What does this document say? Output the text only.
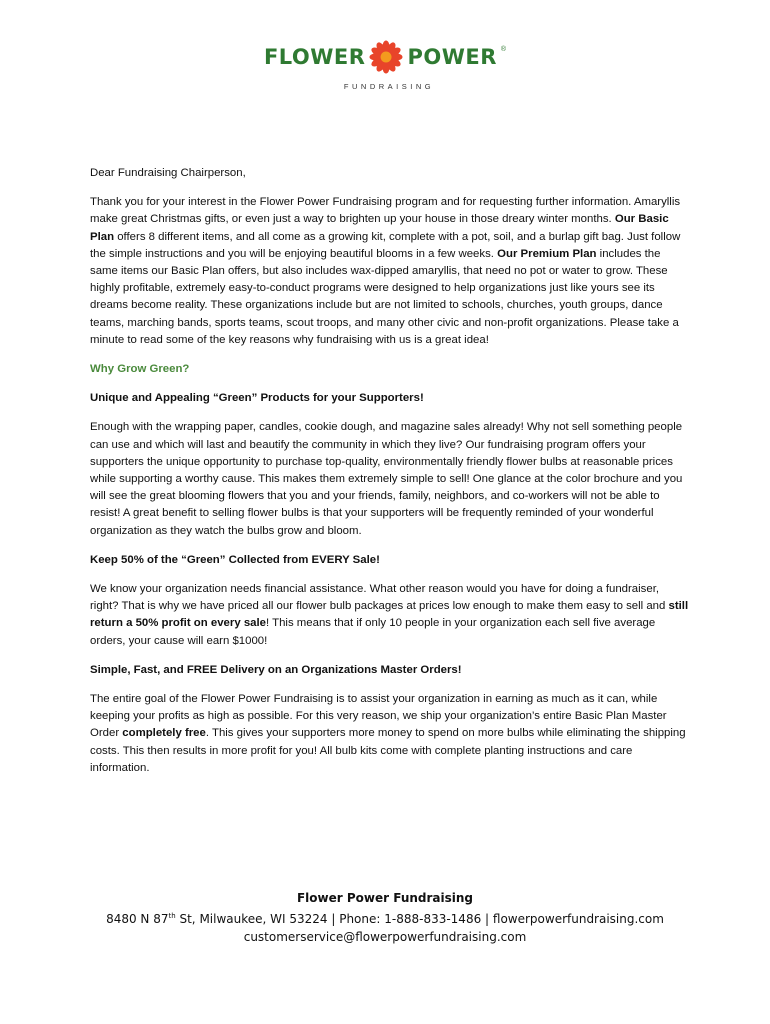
FLOWER POWER ®
FUNDRAISING

Dear Fundraising Chairperson,

Thank you for your interest in the Flower Power Fundraising program and for requesting further information. Amaryllis make great Christmas gifts, or even just a way to brighten up your house in those dreary winter months. Our Basic Plan offers 8 different items, and all come as a growing kit, complete with a pot, soil, and a burlap gift bag. Just follow the simple instructions and you will be enjoying beautiful blooms in a few weeks. Our Premium Plan includes the same items our Basic Plan offers, but also includes wax-dipped amaryllis, that need no pot or water to grow. These highly profitable, extremely easy-to-conduct programs were designed to help organizations just like yours see its dreams become reality. These organizations include but are not limited to schools, churches, youth groups, dance teams, marching bands, sports teams, scout troops, and many other civic and non-profit organizations. Please take a minute to read some of the key reasons why fundraising with us is a great idea!

Why Grow Green?

Unique and Appealing “Green” Products for your Supporters!

Enough with the wrapping paper, candles, cookie dough, and magazine sales already! Why not sell something people can use and which will last and beautify the community in which they live? Our fundraising program offers your supporters the unique opportunity to purchase top-quality, environmentally friendly flower bulbs at reasonable prices while supporting a worthy cause. This makes them extremely simple to sell! One glance at the color brochure and you will see the great blooming flowers that you and your friends, family, neighbors, and co-workers will not be able to resist! A great benefit to selling flower bulbs is that your supporters will be frequently reminded of your wonderful organization as they watch the bulbs grow and bloom.

Keep 50% of the “Green” Collected from EVERY Sale!

We know your organization needs financial assistance. What other reason would you have for doing a fundraiser, right? That is why we have priced all our flower bulb packages at prices low enough to make them easy to sell and still return a 50% profit on every sale! This means that if only 10 people in your organization each sell five average orders, your cause will earn $1000!

Simple, Fast, and FREE Delivery on an Organizations Master Orders!

The entire goal of the Flower Power Fundraising is to assist your organization in earning as much as it can, while keeping your profits as high as possible. For this very reason, we ship your organization’s entire Basic Plan Master Order completely free. This gives your supporters more money to spend on more bulbs while eliminating the shipping costs. This then results in more profit for you! All bulb kits come with complete planting instructions and care information.

Flower Power Fundraising
8480 N 87th St, Milwaukee, WI 53224 | Phone: 1-888-833-1486 | flowerpowerfundraising.com
customerservice@flowerpowerfundraising.com
